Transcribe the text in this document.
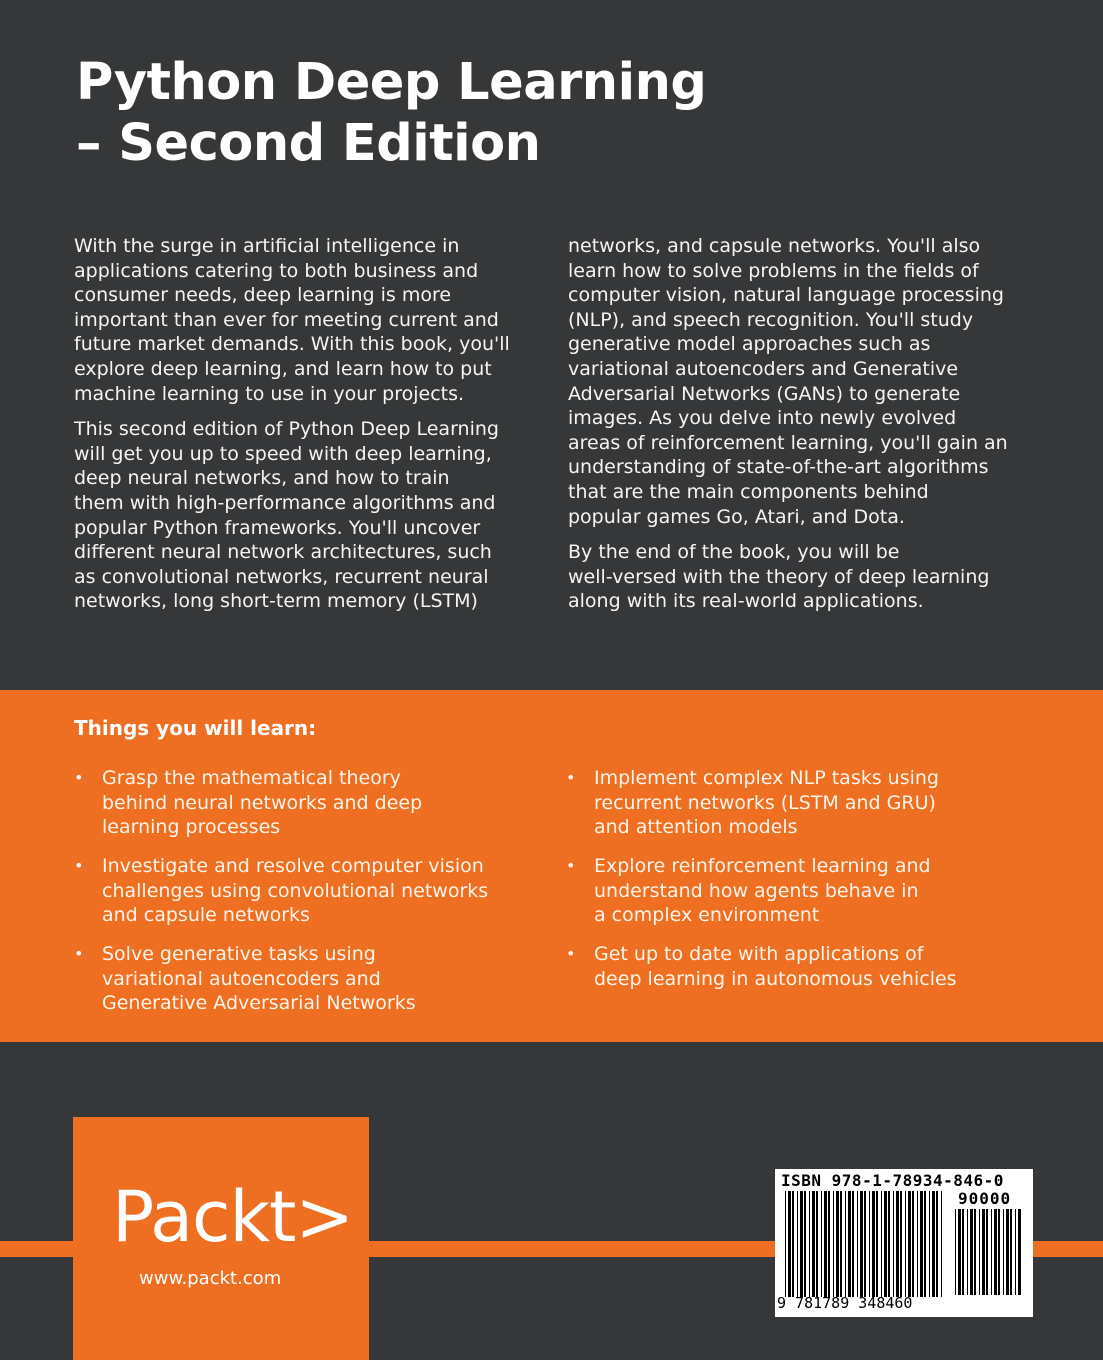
Python Deep Learning
– Second Edition

With the surge in artificial intelligence in
applications catering to both business and
consumer needs, deep learning is more
important than ever for meeting current and
future market demands. With this book, you'll
explore deep learning, and learn how to put
machine learning to use in your projects.

This second edition of Python Deep Learning
will get you up to speed with deep learning,
deep neural networks, and how to train
them with high-performance algorithms and
popular Python frameworks. You'll uncover
different neural network architectures, such
as convolutional networks, recurrent neural
networks, long short-term memory (LSTM)

networks, and capsule networks. You'll also
learn how to solve problems in the fields of
computer vision, natural language processing
(NLP), and speech recognition. You'll study
generative model approaches such as
variational autoencoders and Generative
Adversarial Networks (GANs) to generate
images. As you delve into newly evolved
areas of reinforcement learning, you'll gain an
understanding of state-of-the-art algorithms
that are the main components behind
popular games Go, Atari, and Dota.

By the end of the book, you will be
well-versed with the theory of deep learning
along with its real-world applications.

Things you will learn:
• Grasp the mathematical theory
behind neural networks and deep
learning processes
• Investigate and resolve computer vision
challenges using convolutional networks
and capsule networks
• Solve generative tasks using
variational autoencoders and
Generative Adversarial Networks
• Implement complex NLP tasks using
recurrent networks (LSTM and GRU)
and attention models
• Explore reinforcement learning and
understand how agents behave in
a complex environment
• Get up to date with applications of
deep learning in autonomous vehicles
Packt>
www.packt.com
ISBN 978-1-78934-846-0
90000
9 781789 348460
